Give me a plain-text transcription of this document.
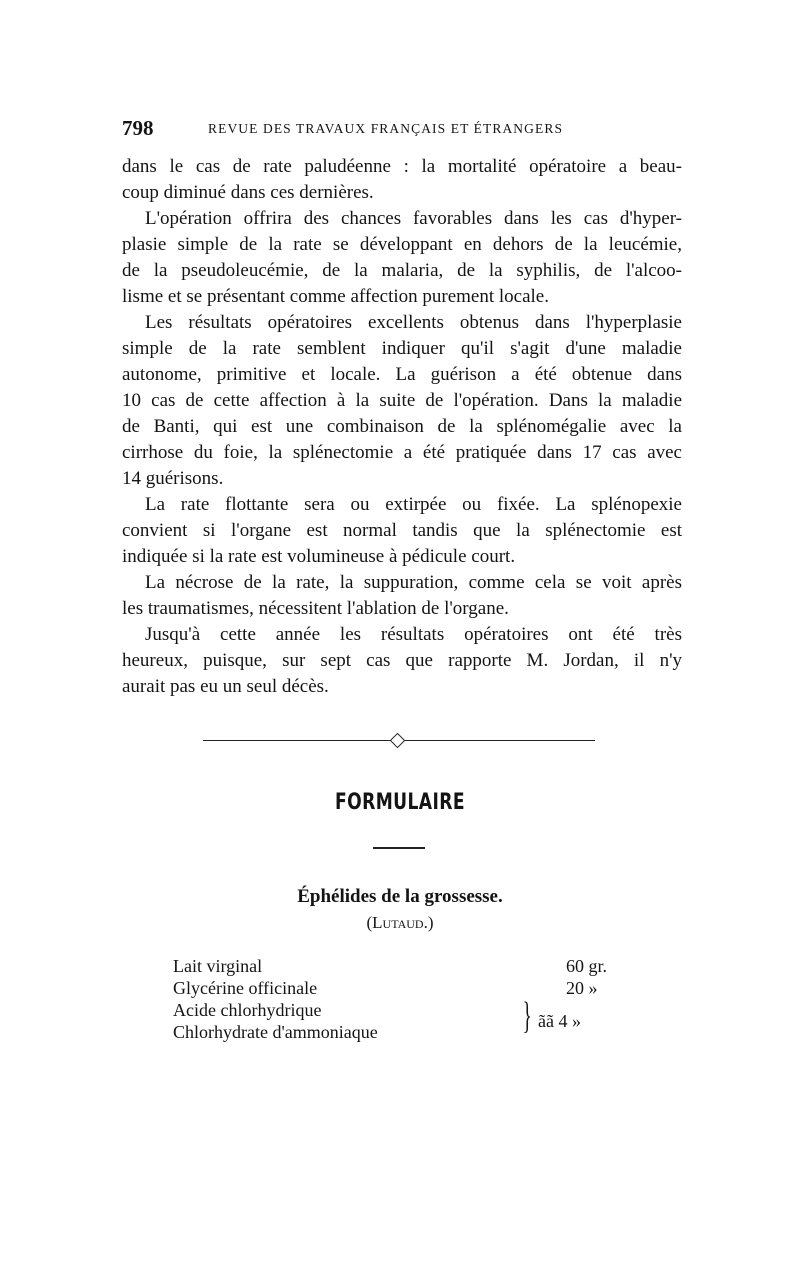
798	REVUE DES TRAVAUX FRANÇAIS ET ÉTRANGERS
dans le cas de rate paludéenne : la mortalité opératoire a beau-
coup diminué dans ces dernières.
L'opération offrira des chances favorables dans les cas d'hyper-
plasie simple de la rate se développant en dehors de la leucémie,
de la pseudoleucémie, de la malaria, de la syphilis, de l'alcoo-
lisme et se présentant comme affection purement locale.
Les résultats opératoires excellents obtenus dans l'hyperplasie
simple de la rate semblent indiquer qu'il s'agit d'une maladie
autonome, primitive et locale. La guérison a été obtenue dans
10 cas de cette affection à la suite de l'opération. Dans la maladie
de Banti, qui est une combinaison de la splénomégalie avec la
cirrhose du foie, la splénectomie a été pratiquée dans 17 cas avec
14 guérisons.
La rate flottante sera ou extirpée ou fixée. La splénopexie
convient si l'organe est normal tandis que la splénectomie est
indiquée si la rate est volumineuse à pédicule court.
La nécrose de la rate, la suppuration, comme cela se voit après
les traumatismes, nécessitent l'ablation de l'organe.
Jusqu'à cette année les résultats opératoires ont été très
heureux, puisque, sur sept cas que rapporte M. Jordan, il n'y
aurait pas eu un seul décès.
FORMULAIRE
Éphélides de la grossesse.
(Lutaud.)
Lait virginal .....	60 gr.
Glycérine officinale .....	20 »
Acide chlorhydrique .....
Chlorhydrate d'ammoniaque .....	} ãã 4 »
